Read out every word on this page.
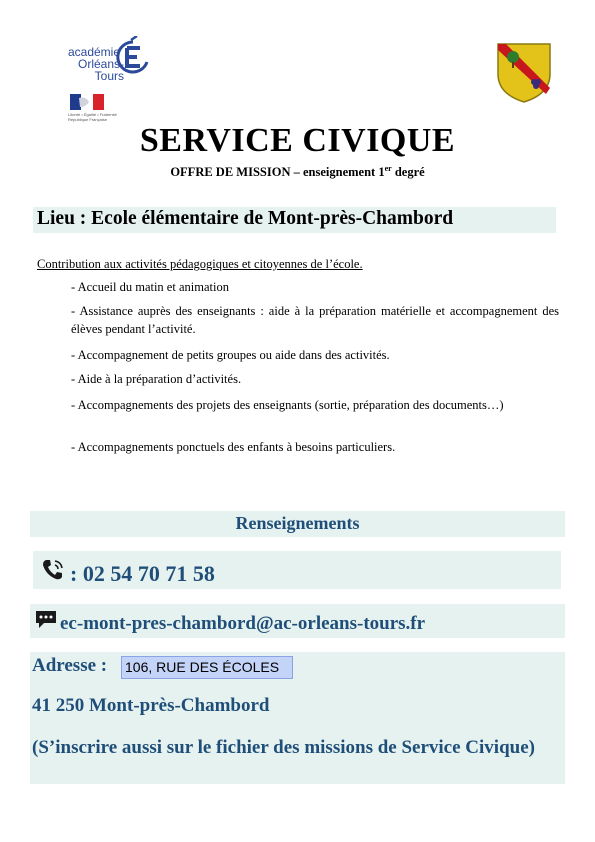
académie
Orléans-Tours
Liberté • Égalité • Fraternité
République Française
SERVICE CIVIQUE
OFFRE DE MISSION – enseignement 1er degré
Lieu : Ecole élémentaire de Mont-près-Chambord
Contribution aux activités pédagogiques et citoyennes de l’école.
- Accueil du matin et animation
- Assistance auprès des enseignants : aide à la préparation matérielle et accompagnement des élèves pendant l’activité.
- Accompagnement de petits groupes ou aide dans des activités.
- Aide à la préparation d’activités.
- Accompagnements des projets des enseignants (sortie, préparation des documents…)
- Accompagnements ponctuels des enfants à besoins particuliers.
Renseignements
: 02 54 70 71 58
ec-mont-pres-chambord@ac-orleans-tours.fr
Adresse : 106, RUE DES ÉCOLES
41 250 Mont-près-Chambord
(S’inscrire aussi sur le fichier des missions de Service Civique)
